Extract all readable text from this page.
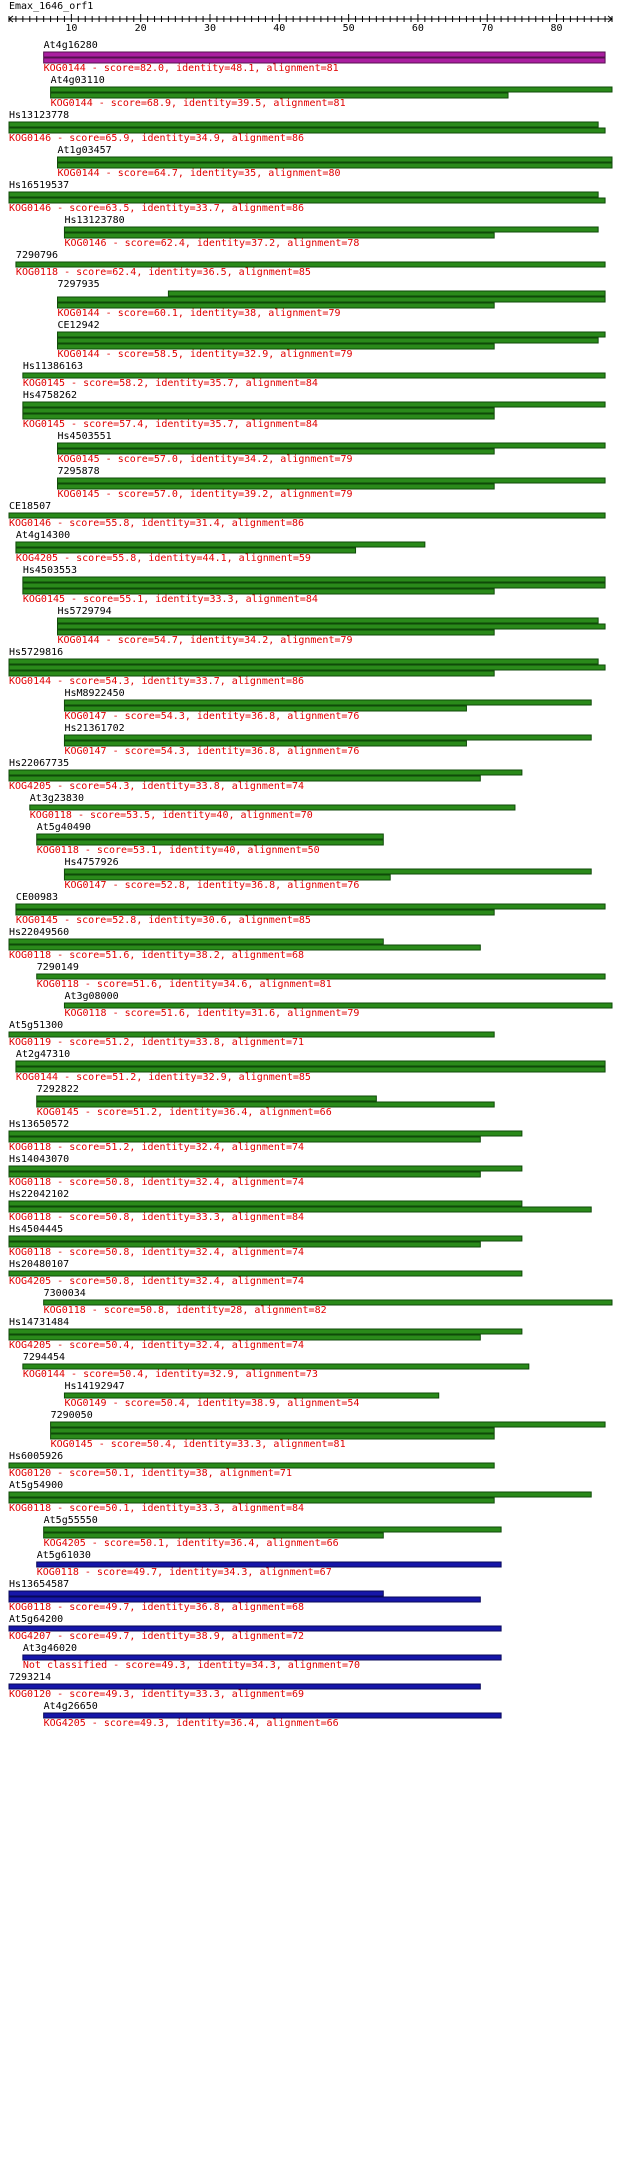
Emax_1646_orf1
10	20	30	40	50	60	70	80
At4g16280
KOG0144 - score=82.0, identity=48.1, alignment=81
At4g03110
KOG0144 - score=68.9, identity=39.5, alignment=81
Hs13123778
KOG0146 - score=65.9, identity=34.9, alignment=86
At1g03457
KOG0144 - score=64.7, identity=35, alignment=80
Hs16519537
KOG0146 - score=63.5, identity=33.7, alignment=86
Hs13123780
KOG0146 - score=62.4, identity=37.2, alignment=78
7290796
KOG0118 - score=62.4, identity=36.5, alignment=85
7297935
KOG0144 - score=60.1, identity=38, alignment=79
CE12942
KOG0144 - score=58.5, identity=32.9, alignment=79
Hs11386163
KOG0145 - score=58.2, identity=35.7, alignment=84
Hs4758262
KOG0145 - score=57.4, identity=35.7, alignment=84
Hs4503551
KOG0145 - score=57.0, identity=34.2, alignment=79
7295878
KOG0145 - score=57.0, identity=39.2, alignment=79
CE18507
KOG0146 - score=55.8, identity=31.4, alignment=86
At4g14300
KOG4205 - score=55.8, identity=44.1, alignment=59
Hs4503553
KOG0145 - score=55.1, identity=33.3, alignment=84
Hs5729794
KOG0144 - score=54.7, identity=34.2, alignment=79
Hs5729816
KOG0144 - score=54.3, identity=33.7, alignment=86
HsM8922450
KOG0147 - score=54.3, identity=36.8, alignment=76
Hs21361702
KOG0147 - score=54.3, identity=36.8, alignment=76
Hs22067735
KOG4205 - score=54.3, identity=33.8, alignment=74
At3g23830
KOG0118 - score=53.5, identity=40, alignment=70
At5g40490
KOG0118 - score=53.1, identity=40, alignment=50
Hs4757926
KOG0147 - score=52.8, identity=36.8, alignment=76
CE00983
KOG0145 - score=52.8, identity=30.6, alignment=85
Hs22049560
KOG0118 - score=51.6, identity=38.2, alignment=68
7290149
KOG0118 - score=51.6, identity=34.6, alignment=81
At3g08000
KOG0118 - score=51.6, identity=31.6, alignment=79
At5g51300
KOG0119 - score=51.2, identity=33.8, alignment=71
At2g47310
KOG0144 - score=51.2, identity=32.9, alignment=85
7292822
KOG0145 - score=51.2, identity=36.4, alignment=66
Hs13650572
KOG0118 - score=51.2, identity=32.4, alignment=74
Hs14043070
KOG0118 - score=50.8, identity=32.4, alignment=74
Hs22042102
KOG0118 - score=50.8, identity=33.3, alignment=84
Hs4504445
KOG0118 - score=50.8, identity=32.4, alignment=74
Hs20480107
KOG4205 - score=50.8, identity=32.4, alignment=74
7300034
KOG0118 - score=50.8, identity=28, alignment=82
Hs14731484
KOG4205 - score=50.4, identity=32.4, alignment=74
7294454
KOG0144 - score=50.4, identity=32.9, alignment=73
Hs14192947
KOG0149 - score=50.4, identity=38.9, alignment=54
7290050
KOG0145 - score=50.4, identity=33.3, alignment=81
Hs6005926
KOG0120 - score=50.1, identity=38, alignment=71
At5g54900
KOG0118 - score=50.1, identity=33.3, alignment=84
At5g55550
KOG4205 - score=50.1, identity=36.4, alignment=66
At5g61030
KOG0118 - score=49.7, identity=34.3, alignment=67
Hs13654587
KOG0118 - score=49.7, identity=36.8, alignment=68
At5g64200
KOG4207 - score=49.7, identity=38.9, alignment=72
At3g46020
Not classified - score=49.3, identity=34.3, alignment=70
7293214
KOG0120 - score=49.3, identity=33.3, alignment=69
At4g26650
KOG4205 - score=49.3, identity=36.4, alignment=66
